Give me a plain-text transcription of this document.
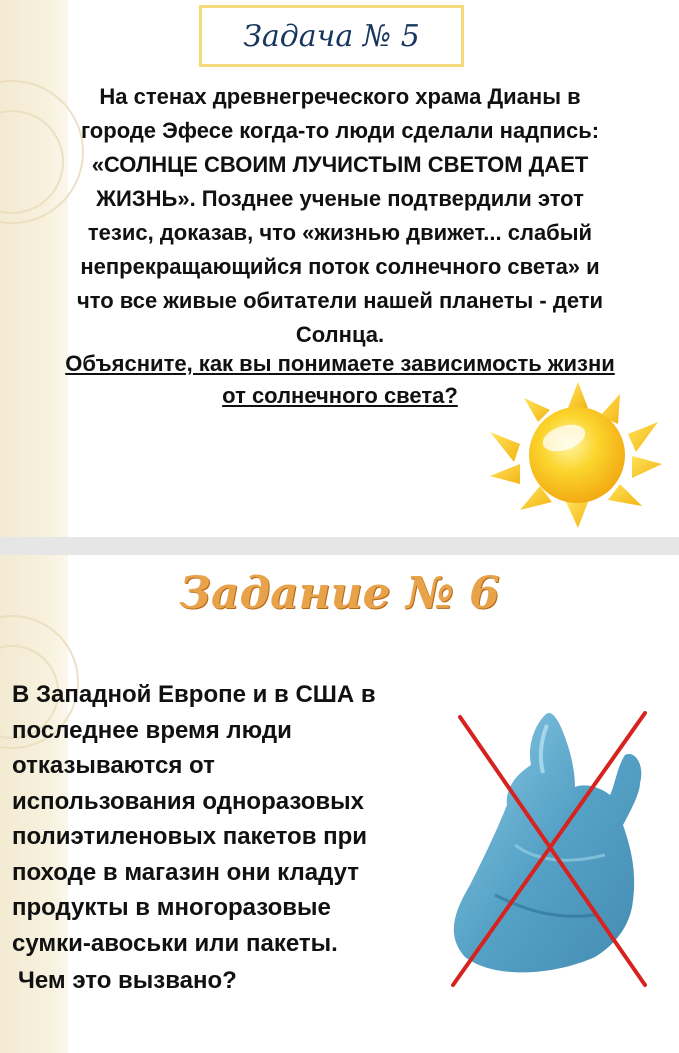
Задача № 5
На стенах древнегреческого храма Дианы в
городе Эфесе когда-то люди сделали надпись:
«СОЛНЦЕ СВОИМ ЛУЧИСТЫМ СВЕТОМ ДАЕТ
ЖИЗНЬ». Позднее ученые подтвердили этот
тезис, доказав, что «жизнью движет... слабый
непрекращающийся поток солнечного света» и
что все живые обитатели нашей планеты - дети
Солнца.
Объясните, как вы понимаете зависимость жизни
от солнечного света?
Задание № 6
В Западной Европе и в США в
последнее время люди
отказываются от
использования одноразовых
полиэтиленовых пакетов при
походе в магазин они кладут
продукты в многоразовые
сумки-авоськи или пакеты.
Чем это вызвано?
